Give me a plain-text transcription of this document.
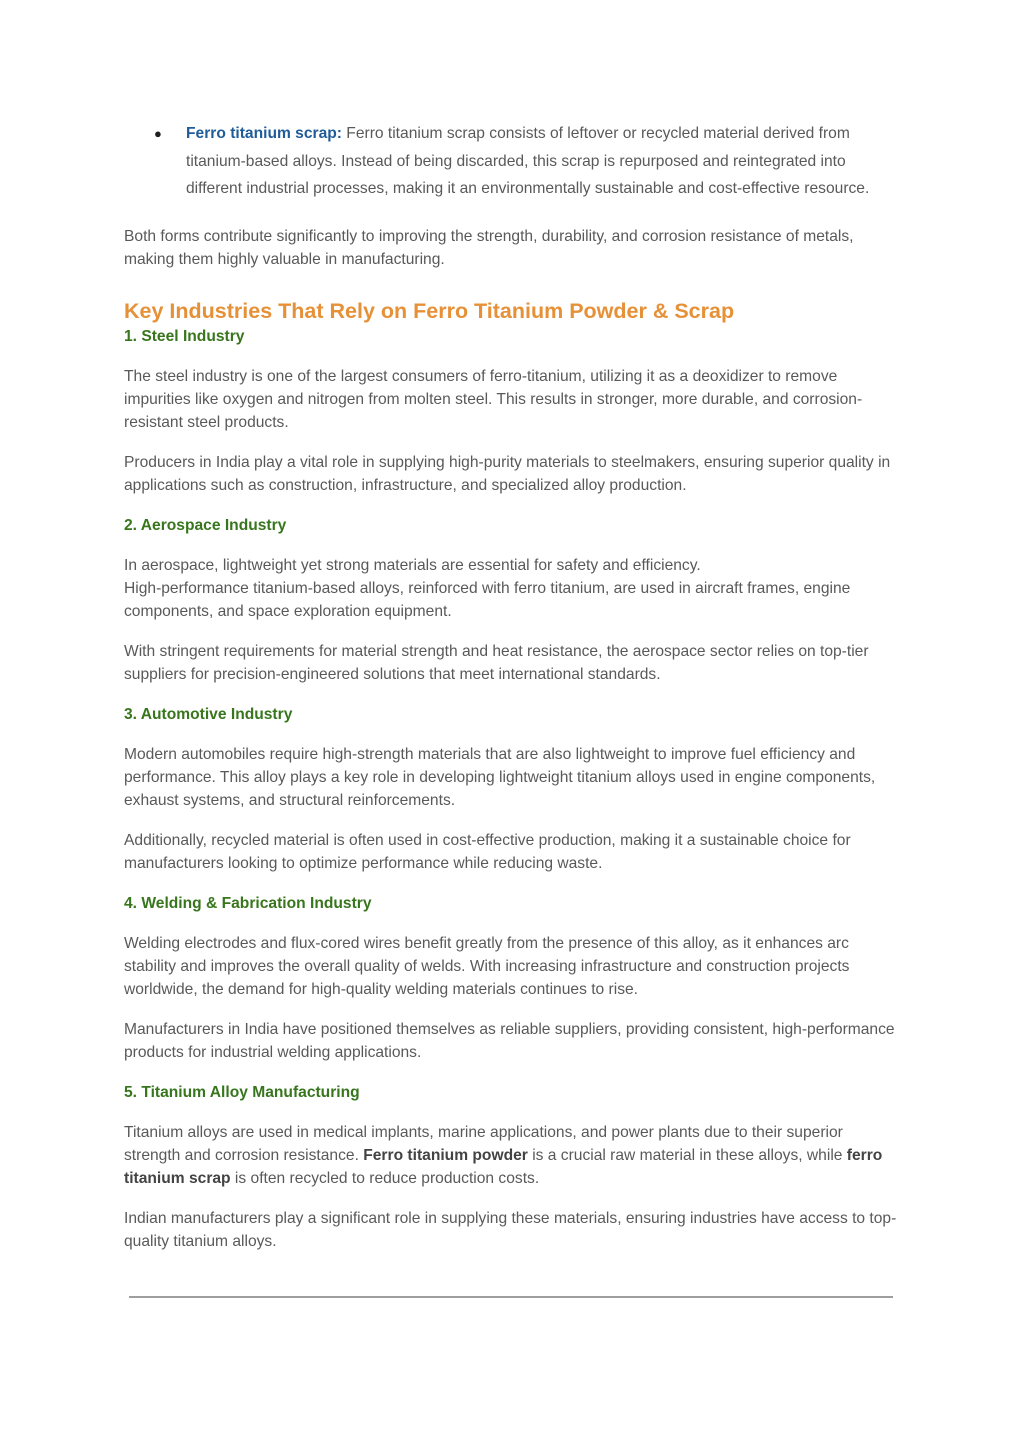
● Ferro titanium scrap: Ferro titanium scrap consists of leftover or recycled material derived from titanium-based alloys. Instead of being discarded, this scrap is repurposed and reintegrated into different industrial processes, making it an environmentally sustainable and cost-effective resource.

Both forms contribute significantly to improving the strength, durability, and corrosion resistance of metals, making them highly valuable in manufacturing.

Key Industries That Rely on Ferro Titanium Powder & Scrap
1. Steel Industry

The steel industry is one of the largest consumers of ferro-titanium, utilizing it as a deoxidizer to remove impurities like oxygen and nitrogen from molten steel. This results in stronger, more durable, and corrosion-resistant steel products.

Producers in India play a vital role in supplying high-purity materials to steelmakers, ensuring superior quality in applications such as construction, infrastructure, and specialized alloy production.

2. Aerospace Industry

In aerospace, lightweight yet strong materials are essential for safety and efficiency.
High-performance titanium-based alloys, reinforced with ferro titanium, are used in aircraft frames, engine components, and space exploration equipment.

With stringent requirements for material strength and heat resistance, the aerospace sector relies on top-tier suppliers for precision-engineered solutions that meet international standards.

3. Automotive Industry

Modern automobiles require high-strength materials that are also lightweight to improve fuel efficiency and performance. This alloy plays a key role in developing lightweight titanium alloys used in engine components, exhaust systems, and structural reinforcements.

Additionally, recycled material is often used in cost-effective production, making it a sustainable choice for manufacturers looking to optimize performance while reducing waste.

4. Welding & Fabrication Industry

Welding electrodes and flux-cored wires benefit greatly from the presence of this alloy, as it enhances arc stability and improves the overall quality of welds. With increasing infrastructure and construction projects worldwide, the demand for high-quality welding materials continues to rise.

Manufacturers in India have positioned themselves as reliable suppliers, providing consistent, high-performance products for industrial welding applications.

5. Titanium Alloy Manufacturing

Titanium alloys are used in medical implants, marine applications, and power plants due to their superior strength and corrosion resistance. Ferro titanium powder is a crucial raw material in these alloys, while ferro titanium scrap is often recycled to reduce production costs.

Indian manufacturers play a significant role in supplying these materials, ensuring industries have access to top-quality titanium alloys.
